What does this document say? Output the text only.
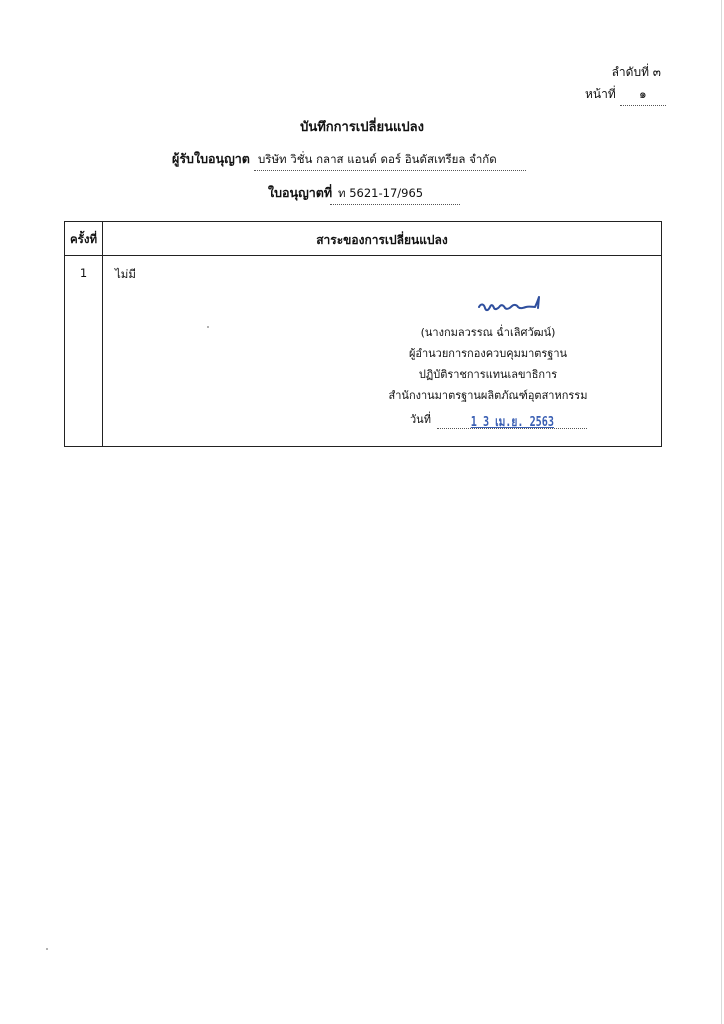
ลำดับที่ ๓
หน้าที่ ๑
บันทึกการเปลี่ยนแปลง
ผู้รับใบอนุญาต บริษัท วิชั่น กลาส แอนด์ ดอร์ อินดัสเทรียล จำกัด
ใบอนุญาตที่ ท 5621-17/965
ครั้งที่	สาระของการเปลี่ยนแปลง
1	ไม่มี
(นางกมลวรรณ ฉ่ำเลิศวัฒน์)
ผู้อำนวยการกองควบคุมมาตรฐาน
ปฏิบัติราชการแทนเลขาธิการ
สำนักงานมาตรฐานผลิตภัณฑ์อุตสาหกรรม
วันที่	1 3 เม.ย. 2563
